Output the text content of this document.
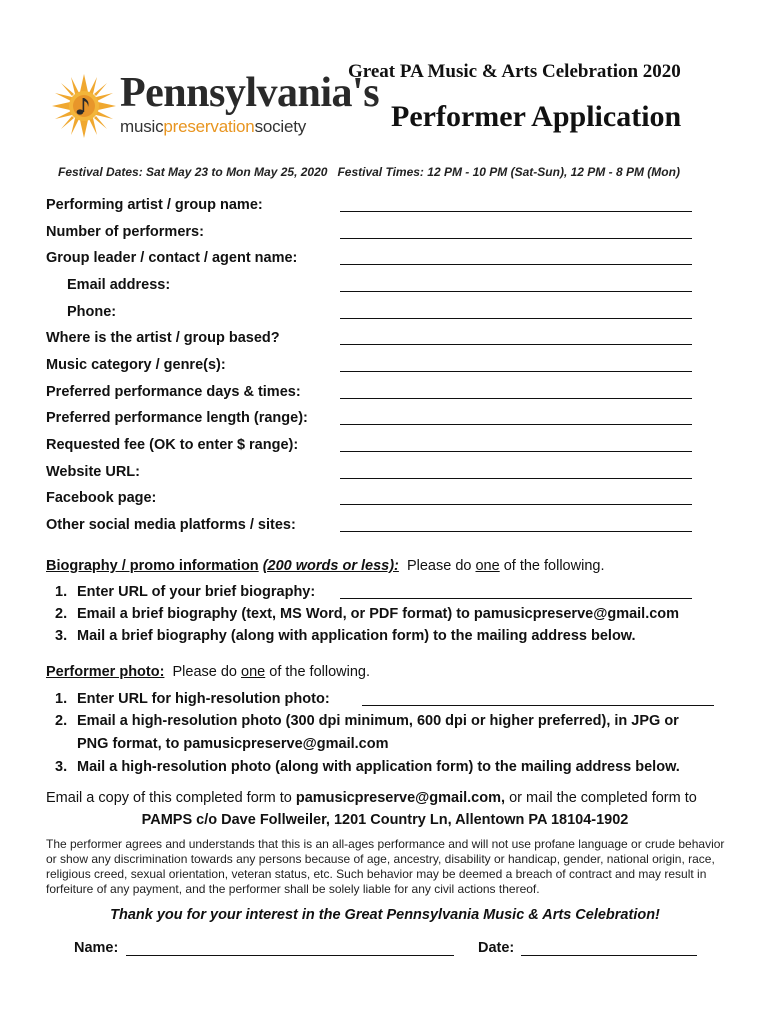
Pennsylvania's
musicpreservationsociety
Great PA Music & Arts Celebration 2020
Performer Application
Festival Dates: Sat May 23 to Mon May 25, 2020   Festival Times: 12 PM - 10 PM (Sat-Sun), 12 PM - 8 PM (Mon)
Performing artist / group name:
Number of performers:
Group leader / contact / agent name:
Email address:
Phone:
Where is the artist / group based?
Music category / genre(s):
Preferred performance days & times:
Preferred performance length (range):
Requested fee (OK to enter $ range):
Website URL:
Facebook page:
Other social media platforms / sites:
Biography / promo information (200 words or less): Please do one of the following.
1. Enter URL of your brief biography:
2. Email a brief biography (text, MS Word, or PDF format) to pamusicpreserve@gmail.com
3. Mail a brief biography (along with application form) to the mailing address below.
Performer photo: Please do one of the following.
1. Enter URL for high-resolution photo:
2. Email a high-resolution photo (300 dpi minimum, 600 dpi or higher preferred), in JPG or
PNG format, to pamusicpreserve@gmail.com
3. Mail a high-resolution photo (along with application form) to the mailing address below.
Email a copy of this completed form to pamusicpreserve@gmail.com, or mail the completed form to
PAMPS c/o Dave Follweiler, 1201 Country Ln, Allentown PA 18104-1902
The performer agrees and understands that this is an all-ages performance and will not use profane language or crude behavior or show any discrimination towards any persons because of age, ancestry, disability or handicap, gender, national origin, race, religious creed, sexual orientation, veteran status, etc. Such behavior may be deemed a breach of contract and may result in forfeiture of any payment, and the performer shall be solely liable for any civil actions thereof.
Thank you for your interest in the Great Pennsylvania Music & Arts Celebration!
Name:	Date:
